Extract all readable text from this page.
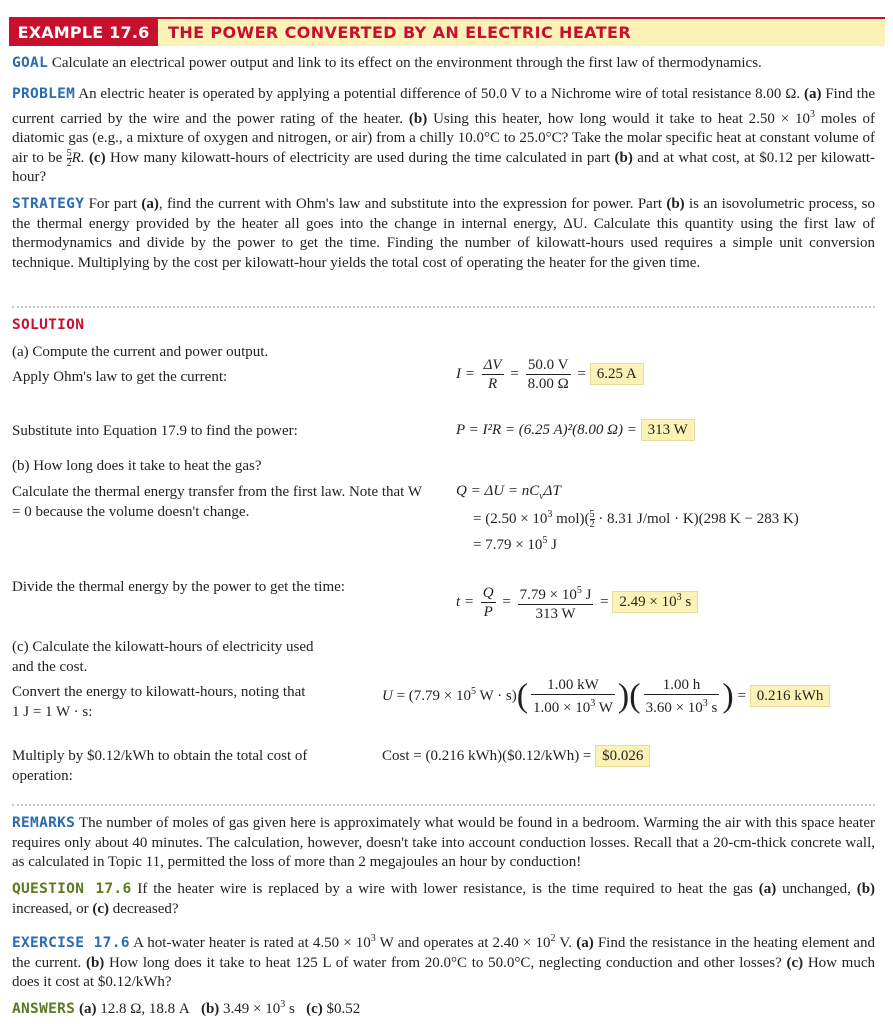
EXAMPLE 17.6	THE POWER CONVERTED BY AN ELECTRIC HEATER
GOAL Calculate an electrical power output and link to its effect on the environment through the first law of thermodynamics.
PROBLEM An electric heater is operated by applying a potential difference of 50.0 V to a Nichrome wire of total resistance 8.00 Ω. (a) Find the current carried by the wire and the power rating of the heater. (b) Using this heater, how long would it take to heat $2.50 \times 10^3$ moles of diatomic gas (e.g., a mixture of oxygen and nitrogen, or air) from a chilly 10.0°C to 25.0°C? Take the molar specific heat at constant volume of air to be $\frac{5}{2} R$. (c) How many kilowatt-hours of electricity are used during the time calculated in part (b) and at what cost, at $0.12 per kilowatt-hour?
STRATEGY For part (a), find the current with Ohm's law and substitute into the expression for power. Part (b) is an isovolumetric process, so the thermal energy provided by the heater all goes into the change in internal energy, ΔU. Calculate this quantity using the first law of thermodynamics and divide by the power to get the time. Finding the number of kilowatt-hours used requires a simple unit conversion technique. Multiplying by the cost per kilowatt-hour yields the total cost of operating the heater for the given time.
SOLUTION
(a) Compute the current and power output.
Apply Ohm's law to get the current:	$I = \frac{\Delta V}{R} = \frac{50.0 V}{8.00 \Omega} = 6.25$ A
Substitute into Equation 17.9 to find the power:	P = I²R = (6.25 A)²(8.00 Ω) = 313 W
(b) How long does it take to heat the gas?
Calculate the thermal energy transfer from the first law. Note that W = 0 because the volume doesn't change.
$Q = \Delta U = nC_v\Delta T$
= ($2.50 \times 10^3$ $mol)( \frac{5}{2} \cdot 8.31$ J/mol · K)(298 K − 283 K)
= $7.79 \times 10^5$ J
Divide the thermal energy by the power to get the time:
$t = \frac{Q}{P} = \frac{7.79 \times 10^5 J}{313 W} = 2.49 \times 10^3$ s
(c) Calculate the kilowatt-hours of electricity used
and the cost.
Convert the energy to kilowatt-hours, noting that
1 J = 1 W · s:
$U = (7.79 \times 10^5$ $W \cdot s)( \frac{1.00 kW}{1.00 \times 10^3 W}$ )( $\frac{1.00 h}{3.60 \times 10^3 s}$ ) = 0.216 kWh
Multiply by $0.12/kWh to obtain the total cost of
operation:
Cost = (0.216 kWh)($0.12/kWh) = $0.026
REMARKS The number of moles of gas given here is approximately what would be found in a bedroom. Warming the air with this space heater requires only about 40 minutes. The calculation, however, doesn't take into account conduction losses. Recall that a 20-cm-thick concrete wall, as calculated in Topic 11, permitted the loss of more than 2 megajoules an hour by conduction!
QUESTION 17.6 If the heater wire is replaced by a wire with lower resistance, is the time required to heat the gas (a) unchanged, (b) increased, or (c) decreased?
EXERCISE 17.6 A hot-water heater is rated at $4.50 \times 10^3$ W and operates at $2.40 \times 10^2$ V. (a) Find the resistance in the heating element and the current. (b) How long does it take to heat 125 L of water from 20.0°C to 50.0°C, neglecting conduction and other losses? (c) How much does it cost at $0.12/kWh?
ANSWERS (a) 12.8 Ω, 18.8 A (b) $3.49 \times 10^3$ s (c) $0.52
